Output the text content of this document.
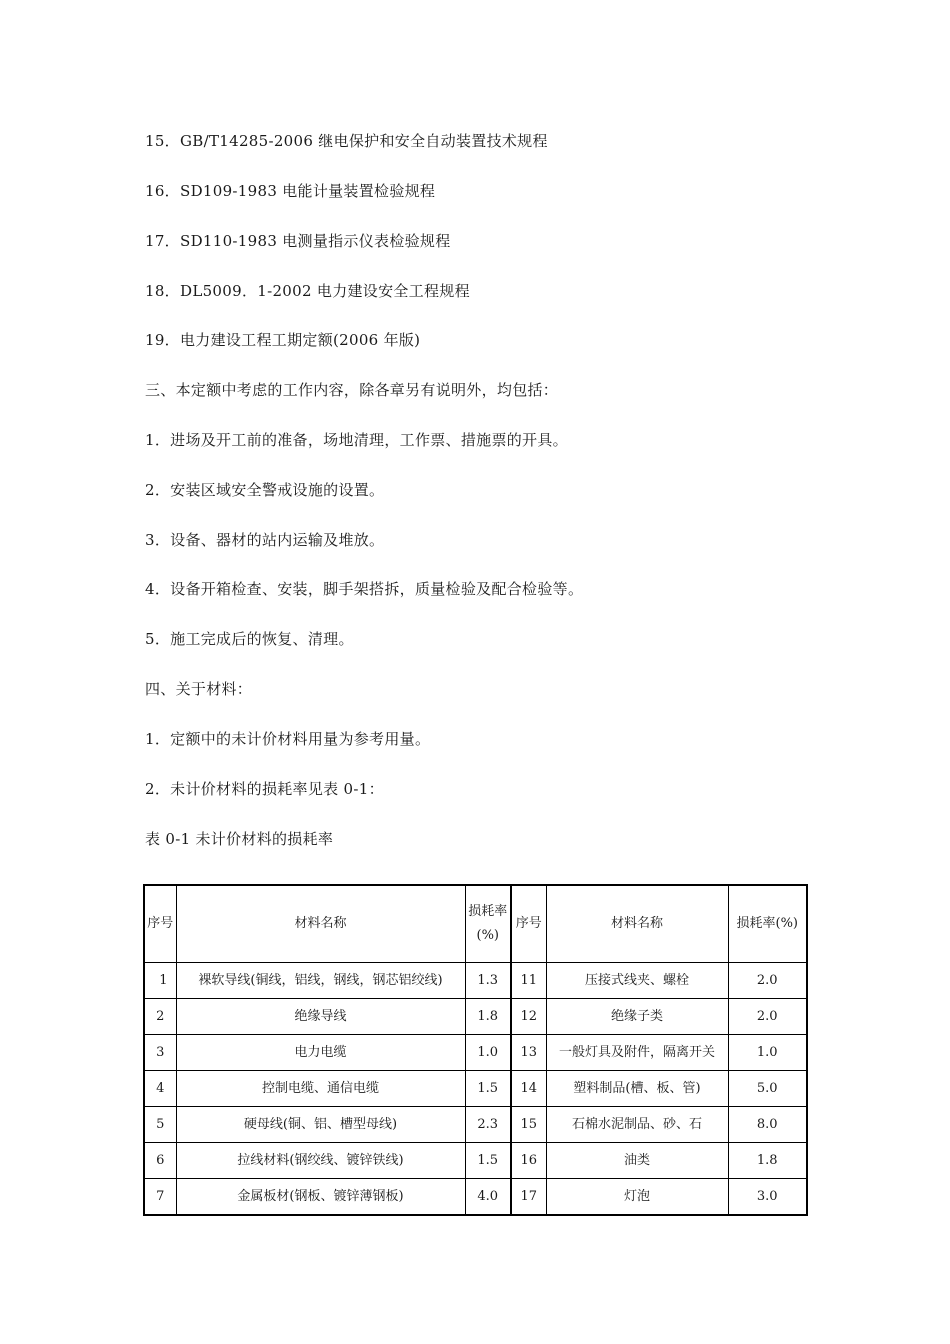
15．GB/T14285-2006 继电保护和安全自动装置技术规程
16．SD109-1983 电能计量装置检验规程
17．SD110-1983 电测量指示仪表检验规程
18．DL5009．1-2002 电力建设安全工程规程
19．电力建设工程工期定额(2006 年版)
三、本定额中考虑的工作内容，除各章另有说明外，均包括：
1．进场及开工前的准备，场地清理，工作票、措施票的开具。
2．安装区域安全警戒设施的设置。
3．设备、器材的站内运输及堆放。
4．设备开箱检查、安装，脚手架搭拆，质量检验及配合检验等。
5．施工完成后的恢复、清理。
四、关于材料：
1．定额中的未计价材料用量为参考用量。
2．未计价材料的损耗率见表 0-1：
表 0-1 未计价材料的损耗率
序号	材料名称	损耗率(%)	序号	材料名称	损耗率(%)
1	裸软导线(铜线，铝线，钢线，钢芯铝绞线)	1.3	11	压接式线夹、螺栓	2.0
2	绝缘导线	1.8	12	绝缘子类	2.0
3	电力电缆	1.0	13	一般灯具及附件，隔离开关	1.0
4	控制电缆、通信电缆	1.5	14	塑料制品(槽、板、管)	5.0
5	硬母线(铜、铝、槽型母线)	2.3	15	石棉水泥制品、砂、石	8.0
6	拉线材料(钢绞线、镀锌铁线)	1.5	16	油类	1.8
7	金属板材(钢板、镀锌薄钢板)	4.0	17	灯泡	3.0
